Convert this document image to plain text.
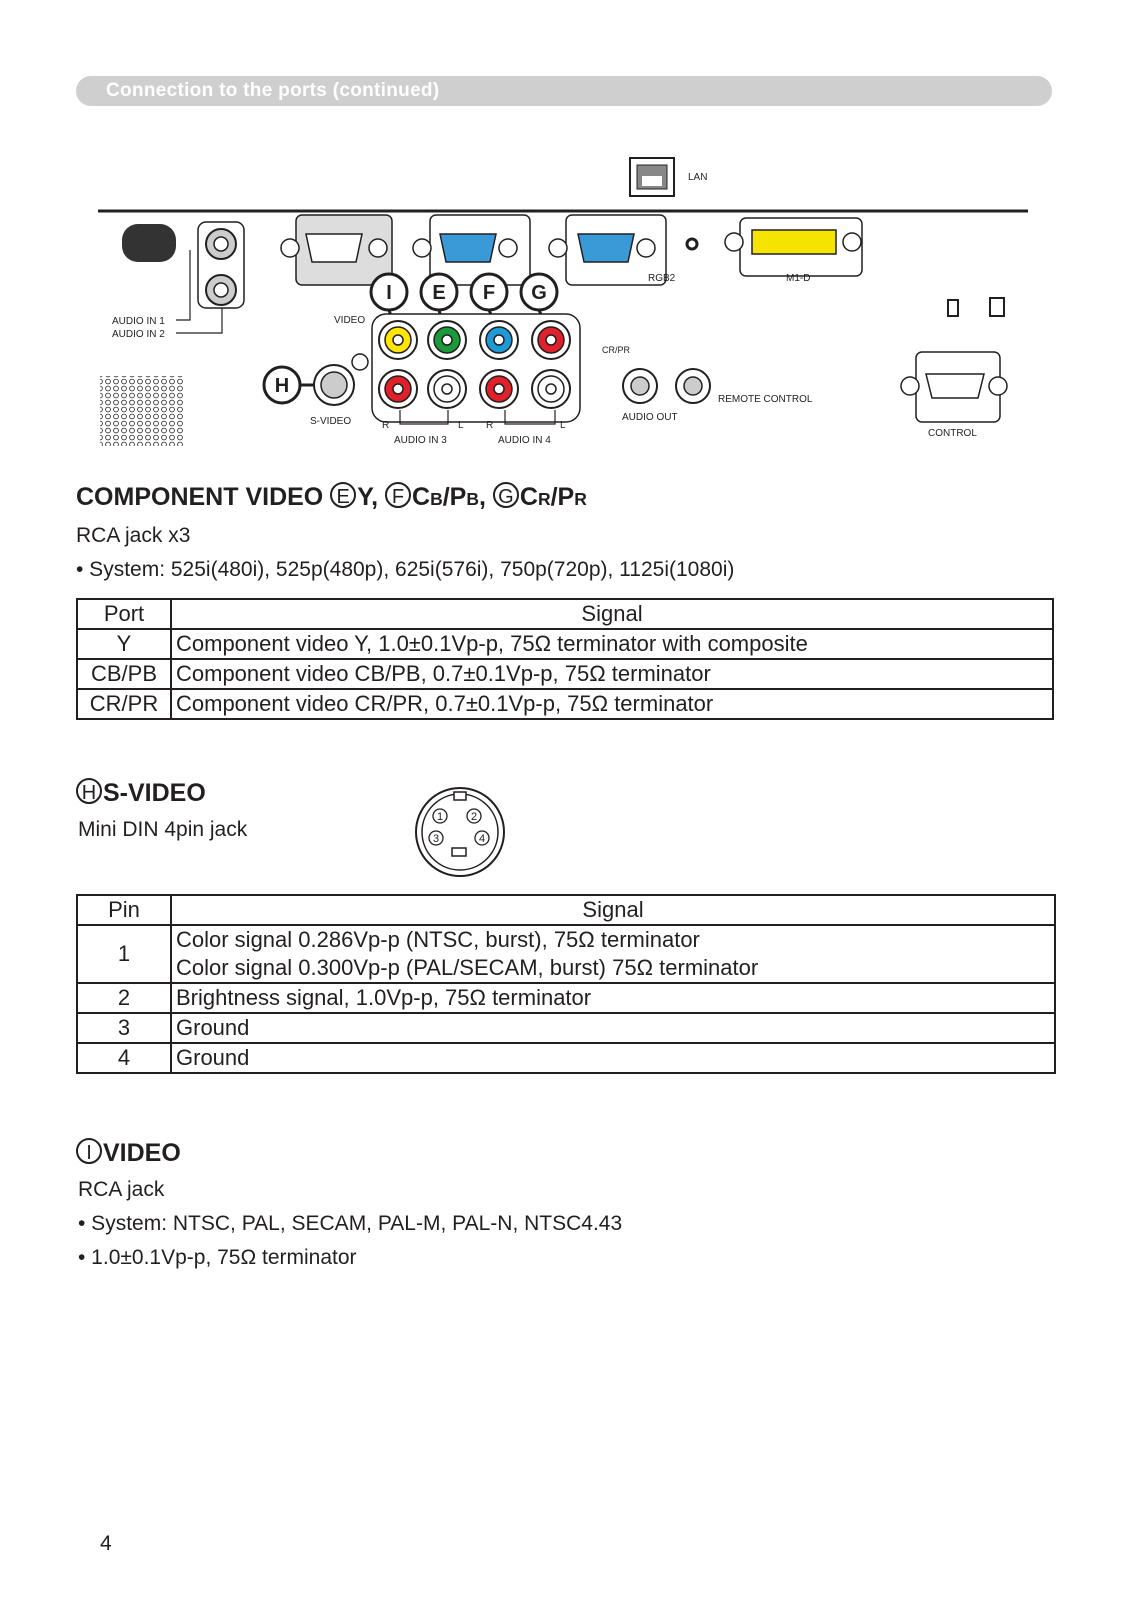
Connection to the ports (continued)
LAN
AUDIO IN 1
AUDIO IN 2
RGB2	M1-D
I E F G
H
VIDEO
CR/PR
S-VIDEO	R	L R	L
AUDIO IN 3	AUDIO IN 4
AUDIO OUT
REMOTE CONTROL
CONTROL
COMPONENT VIDEO E Y, F CB/PB, G CR/PR
RCA jack x3
• System: 525i(480i), 525p(480p), 625i(576i), 750p(720p), 1125i(1080i)
Port	Signal
Y	Component video Y, 1.0±0.1Vp-p, 75Ω terminator with composite
CB/PB	Component video CB/PB, 0.7±0.1Vp-p, 75Ω terminator
CR/PR	Component video CR/PR, 0.7±0.1Vp-p, 75Ω terminator
H S-VIDEO
Mini DIN 4pin jack
1	2
3	4
Pin	Signal
1	Color signal 0.286Vp-p (NTSC, burst), 75Ω terminator
Color signal 0.300Vp-p (PAL/SECAM, burst) 75Ω terminator

2	Brightness signal, 1.0Vp-p, 75Ω terminator
3	Ground
4	Ground
I VIDEO
RCA jack
• System: NTSC, PAL, SECAM, PAL-M, PAL-N, NTSC4.43
• 1.0±0.1Vp-p, 75Ω terminator
4
